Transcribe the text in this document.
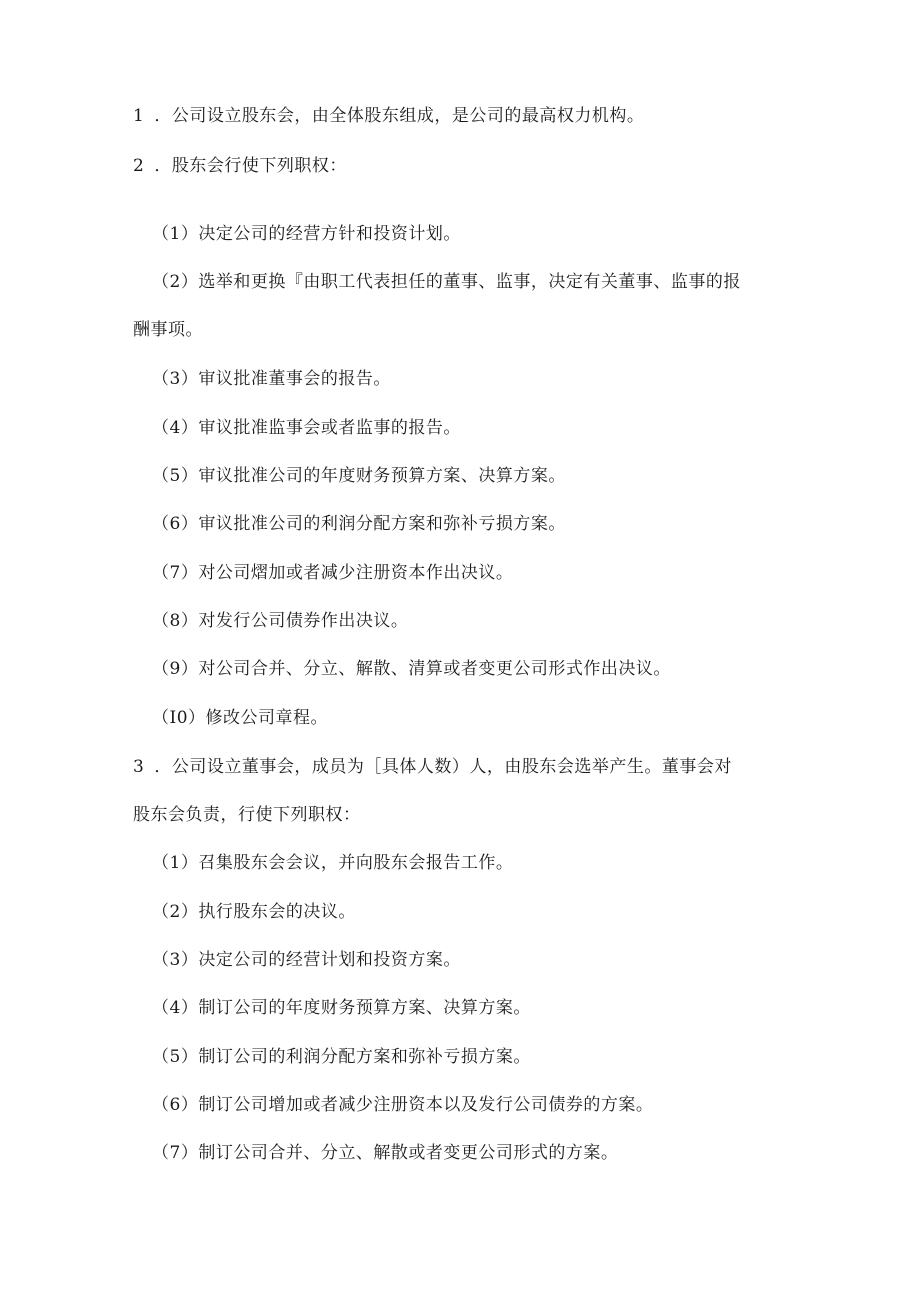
1 ．公司设立股东会，由全体股东组成，是公司的最高权力机构。
2 ．股东会行使下列职权：
（1）决定公司的经营方针和投资计划。
（2）选举和更换『由职工代表担任的董事、监事，决定有关董事、监事的报
酬事项。
（3）审议批准董事会的报告。
（4）审议批准监事会或者监事的报告。
（5）审议批准公司的年度财务预算方案、决算方案。
（6）审议批准公司的利润分配方案和弥补亏损方案。
（7）对公司熠加或者减少注册资本作出决议。
（8）对发行公司债券作出决议。
（9）对公司合并、分立、解散、清算或者变更公司形式作出决议。
（I0）修改公司章程。
3 ．公司设立董事会，成员为［具体人数）人，由股东会选举产生。董事会对
股东会负责，行使下列职权：
（1）召集股东会会议，并向股东会报告工作。
（2）执行股东会的决议。
（3）决定公司的经营计划和投资方案。
（4）制订公司的年度财务预算方案、决算方案。
（5）制订公司的利润分配方案和弥补亏损方案。
（6）制订公司增加或者减少注册资本以及发行公司债券的方案。
（7）制订公司合并、分立、解散或者变更公司形式的方案。
